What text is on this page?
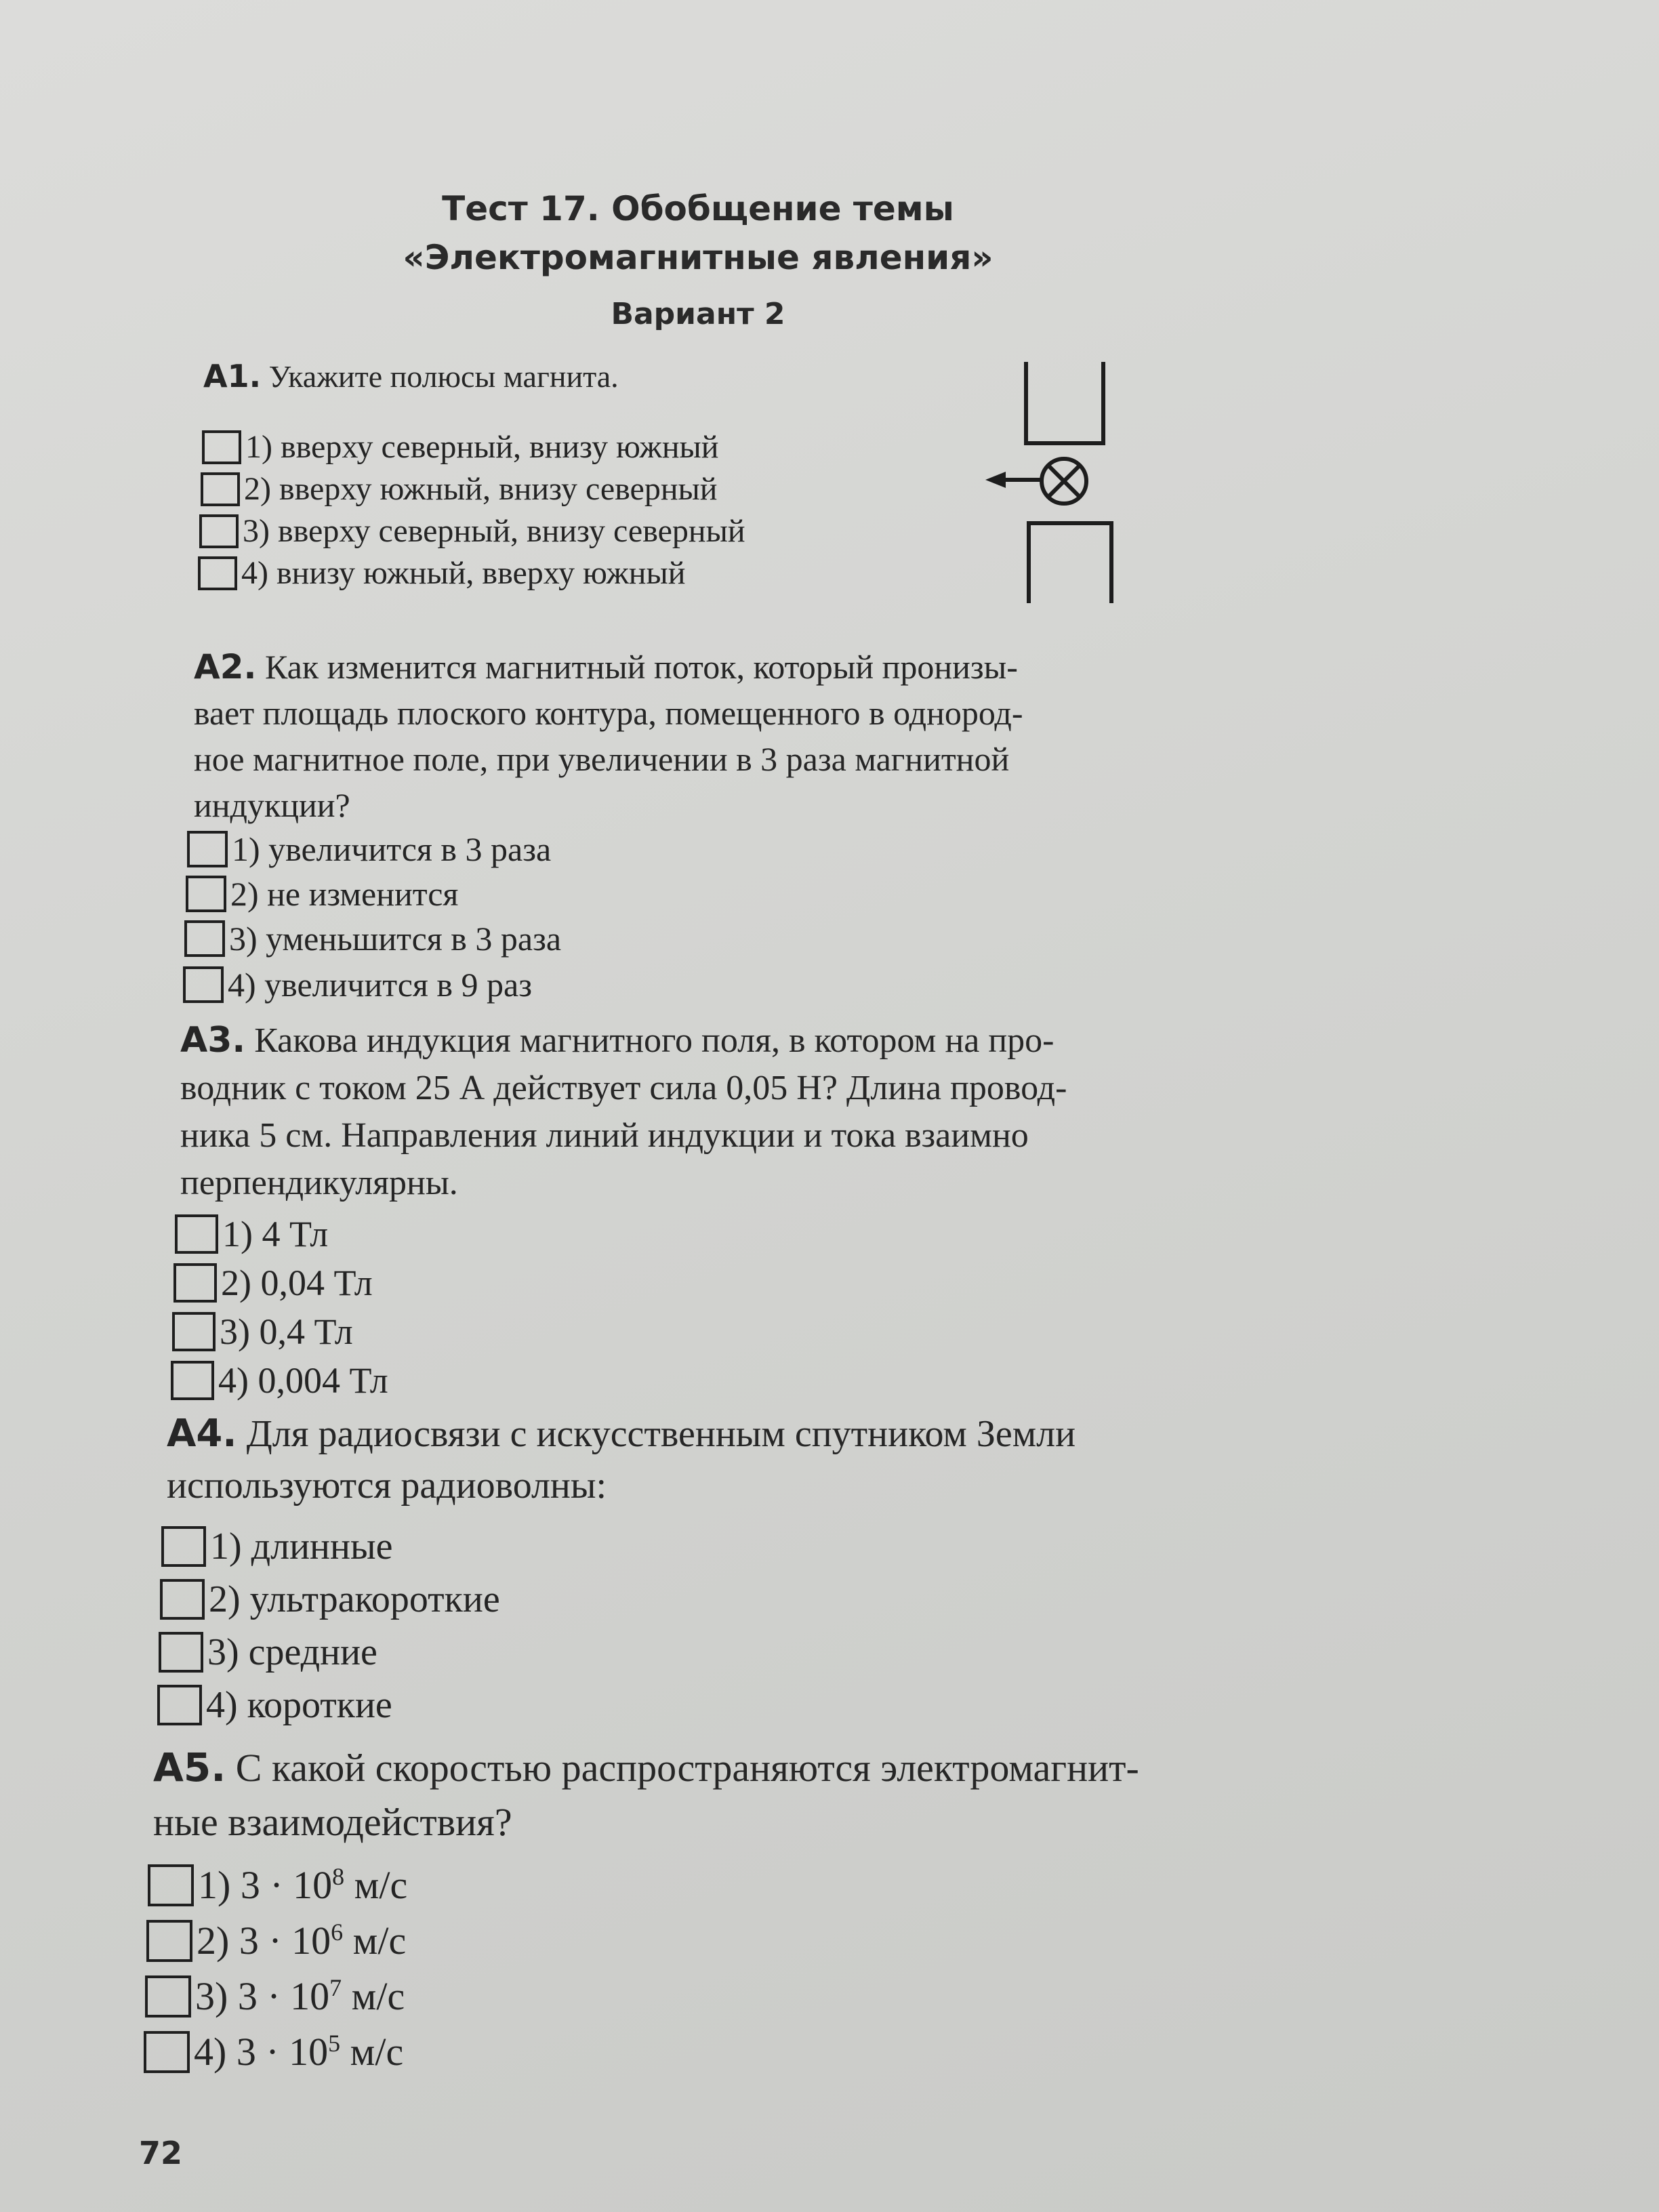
Тест 17. Обобщение темы
«Электромагнитные явления»
Вариант 2
А1. Укажите полюсы магнита.
1) вверху северный, внизу южный
2) вверху южный, внизу северный
3) вверху северный, внизу северный
4) внизу южный, вверху южный
А2. Как изменится магнитный поток, который пронизы-
вает площадь плоского контура, помещенного в однород-
ное магнитное поле, при увеличении в 3 раза магнитной
индукции?
1) увеличится в 3 раза
2) не изменится
3) уменьшится в 3 раза
4) увеличится в 9 раз
А3. Какова индукция магнитного поля, в котором на про-
водник с током 25 А действует сила 0,05 Н? Длина провод-
ника 5 см. Направления линий индукции и тока взаимно
перпендикулярны.
1) 4 Тл
2) 0,04 Тл
3) 0,4 Тл
4) 0,004 Тл
А4. Для радиосвязи с искусственным спутником Земли
используются радиоволны:
1) длинные
2) ультракороткие
3) средние
4) короткие
А5. С какой скоростью распространяются электромагнит-
ные взаимодействия?
1) $3 \cdot 10^8$ м/с
2) $3 \cdot 10^6$ м/с
3) $3 \cdot 10^7$ м/с
4) $3 \cdot 10^5$ м/с
72
